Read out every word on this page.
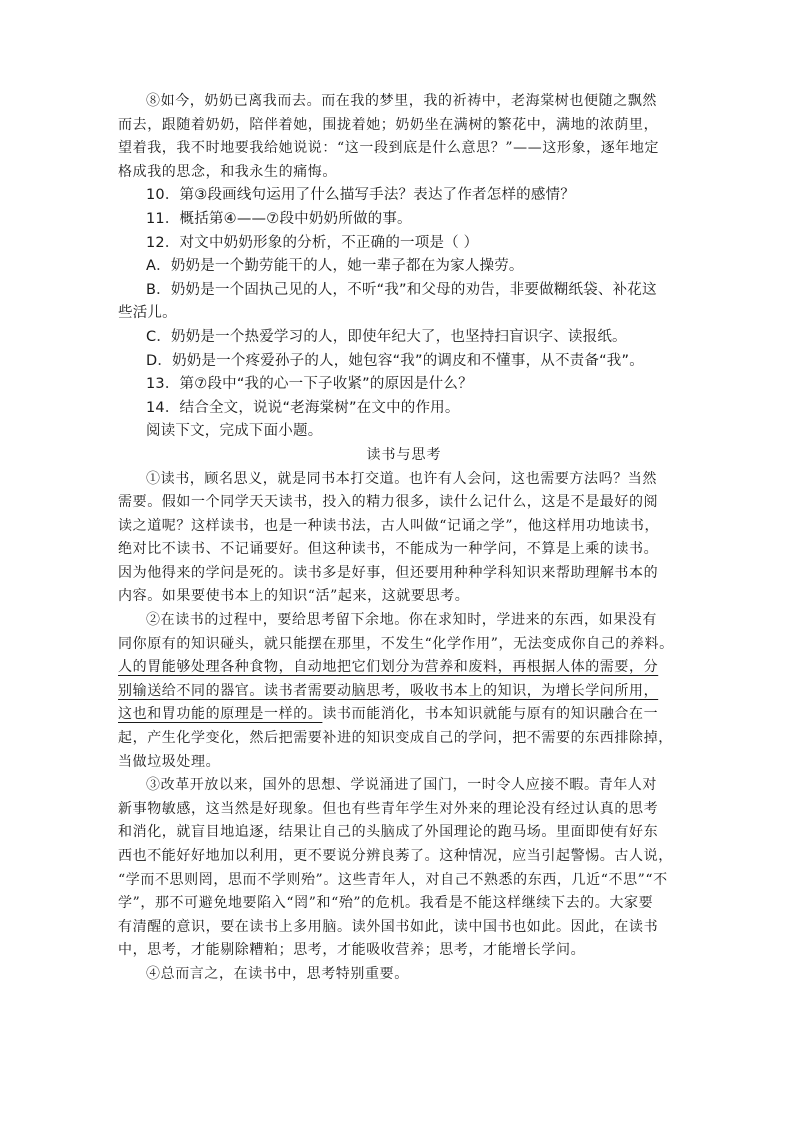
⑧如今，奶奶已离我而去。而在我的梦里，我的祈祷中，老海棠树也便随之飘然
而去，跟随着奶奶，陪伴着她，围拢着她；奶奶坐在满树的繁花中，满地的浓荫里，
望着我，我不时地要我给她说说：“这一段到底是什么意思？”——这形象，逐年地定
格成我的思念，和我永生的痛悔。
10．第③段画线句运用了什么描写手法？表达了作者怎样的感情？
11．概括第④——⑦段中奶奶所做的事。
12．对文中奶奶形象的分析，不正确的一项是（ ）
A．奶奶是一个勤劳能干的人，她一辈子都在为家人操劳。
B．奶奶是一个固执己见的人，不听“我”和父母的劝告，非要做糊纸袋、补花这
些活儿。
C．奶奶是一个热爱学习的人，即使年纪大了，也坚持扫盲识字、读报纸。
D．奶奶是一个疼爱孙子的人，她包容“我”的调皮和不懂事，从不责备“我”。
13．第⑦段中“我的心一下子收紧”的原因是什么？
14．结合全文，说说“老海棠树”在文中的作用。
阅读下文，完成下面小题。
读书与思考
①读书，顾名思义，就是同书本打交道。也许有人会问，这也需要方法吗？当然
需要。假如一个同学天天读书，投入的精力很多，读什么记什么，这是不是最好的阅
读之道呢？这样读书，也是一种读书法，古人叫做“记诵之学”，他这样用功地读书，
绝对比不读书、不记诵要好。但这种读书，不能成为一种学问，不算是上乘的读书。
因为他得来的学问是死的。读书多是好事，但还要用种种学科知识来帮助理解书本的
内容。如果要使书本上的知识“活”起来，这就要思考。
②在读书的过程中，要给思考留下余地。你在求知时，学进来的东西，如果没有
同你原有的知识碰头，就只能摆在那里，不发生“化学作用”，无法变成你自己的养料。
人的胃能够处理各种食物，自动地把它们划分为营养和废料，再根据人体的需要，分
别输送给不同的器官。读书者需要动脑思考，吸收书本上的知识，为增长学问所用，
这也和胃功能的原理是一样的。读书而能消化，书本知识就能与原有的知识融合在一
起，产生化学变化，然后把需要补进的知识变成自己的学问，把不需要的东西排除掉，
当做垃圾处理。
③改革开放以来，国外的思想、学说涌进了国门，一时令人应接不暇。青年人对
新事物敏感，这当然是好现象。但也有些青年学生对外来的理论没有经过认真的思考
和消化，就盲目地追逐，结果让自己的头脑成了外国理论的跑马场。里面即使有好东
西也不能好好地加以利用，更不要说分辨良莠了。这种情况，应当引起警惕。古人说，
“学而不思则罔，思而不学则殆”。这些青年人，对自己不熟悉的东西，几近“不思”“不
学”，那不可避免地要陷入“罔”和“殆”的危机。我看是不能这样继续下去的。大家要
有清醒的意识，要在读书上多用脑。读外国书如此，读中国书也如此。因此，在读书
中，思考，才能剔除糟粕；思考，才能吸收营养；思考，才能增长学问。
④总而言之，在读书中，思考特别重要。
